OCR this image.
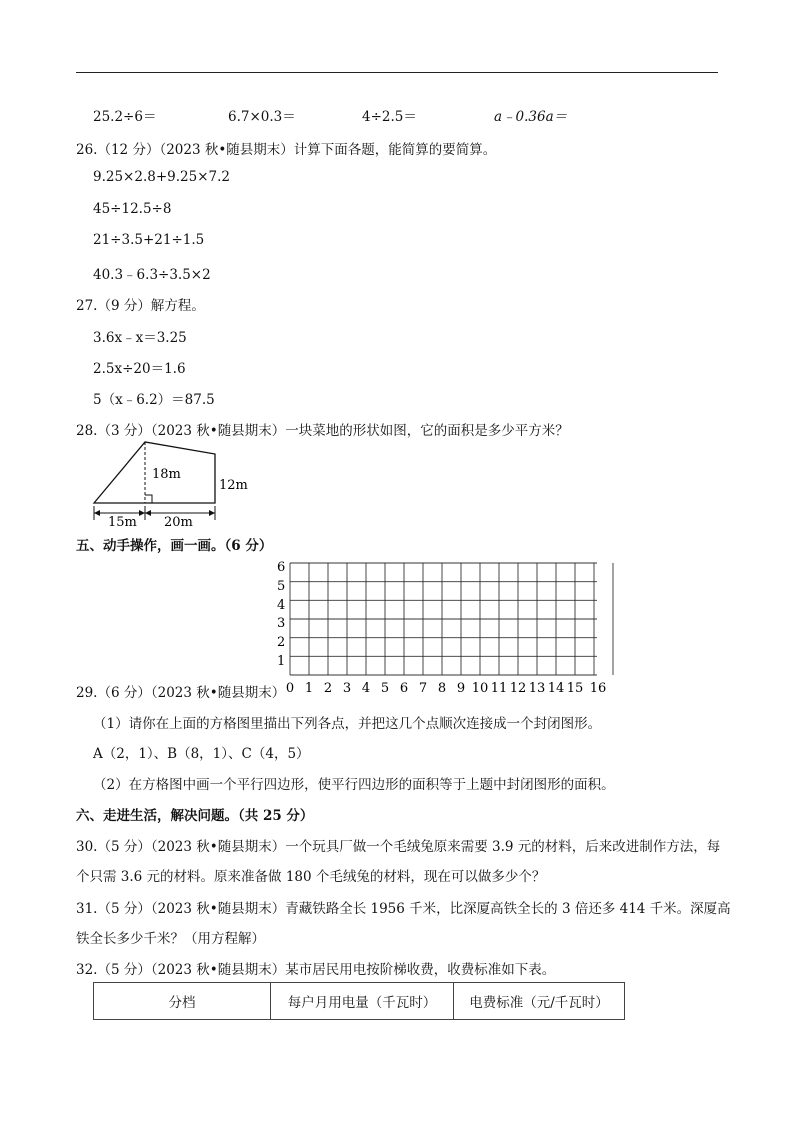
25.2÷6＝	6.7×0.3＝	4÷2.5＝	a﹣0.36a＝
26.（12 分）（2023 秋•随县期末）计算下面各题，能简算的要简算。
9.25×2.8+9.25×7.2
45÷12.5÷8
21÷3.5+21÷1.5
40.3﹣6.3÷3.5×2
27.（9 分）解方程。
3.6x﹣x＝3.25
2.5x÷20＝1.6
5（x﹣6.2）＝87.5
28.（3 分）（2023 秋•随县期末）一块菜地的形状如图，它的面积是多少平方米？
18m
12m
15m 20m
五、动手操作，画一画。（6 分）
6
5
4
3
2
1
0 1 2 3 4 5 6 7 8 9 10 11 12 13 14 15 16
29.（6 分）（2023 秋•随县期末）
（1）请你在上面的方格图里描出下列各点，并把这几个点顺次连接成一个封闭图形。
A（2，1）、B（8，1）、C（4，5）
（2）在方格图中画一个平行四边形，使平行四边形的面积等于上题中封闭图形的面积。
六、走进生活，解决问题。（共 25 分）
30.（5 分）（2023 秋•随县期末）一个玩具厂做一个毛绒兔原来需要 3.9 元的材料，后来改进制作方法，每
个只需 3.6 元的材料。原来准备做 180 个毛绒兔的材料，现在可以做多少个？
31.（5 分）（2023 秋•随县期末）青藏铁路全长 1956 千米，比深厦高铁全长的 3 倍还多 414 千米。深厦高
铁全长多少千米？（用方程解）
32.（5 分）（2023 秋•随县期末）某市居民用电按阶梯收费，收费标准如下表。
分档	每户月用电量（千瓦时）	电费标准（元/千瓦时）
